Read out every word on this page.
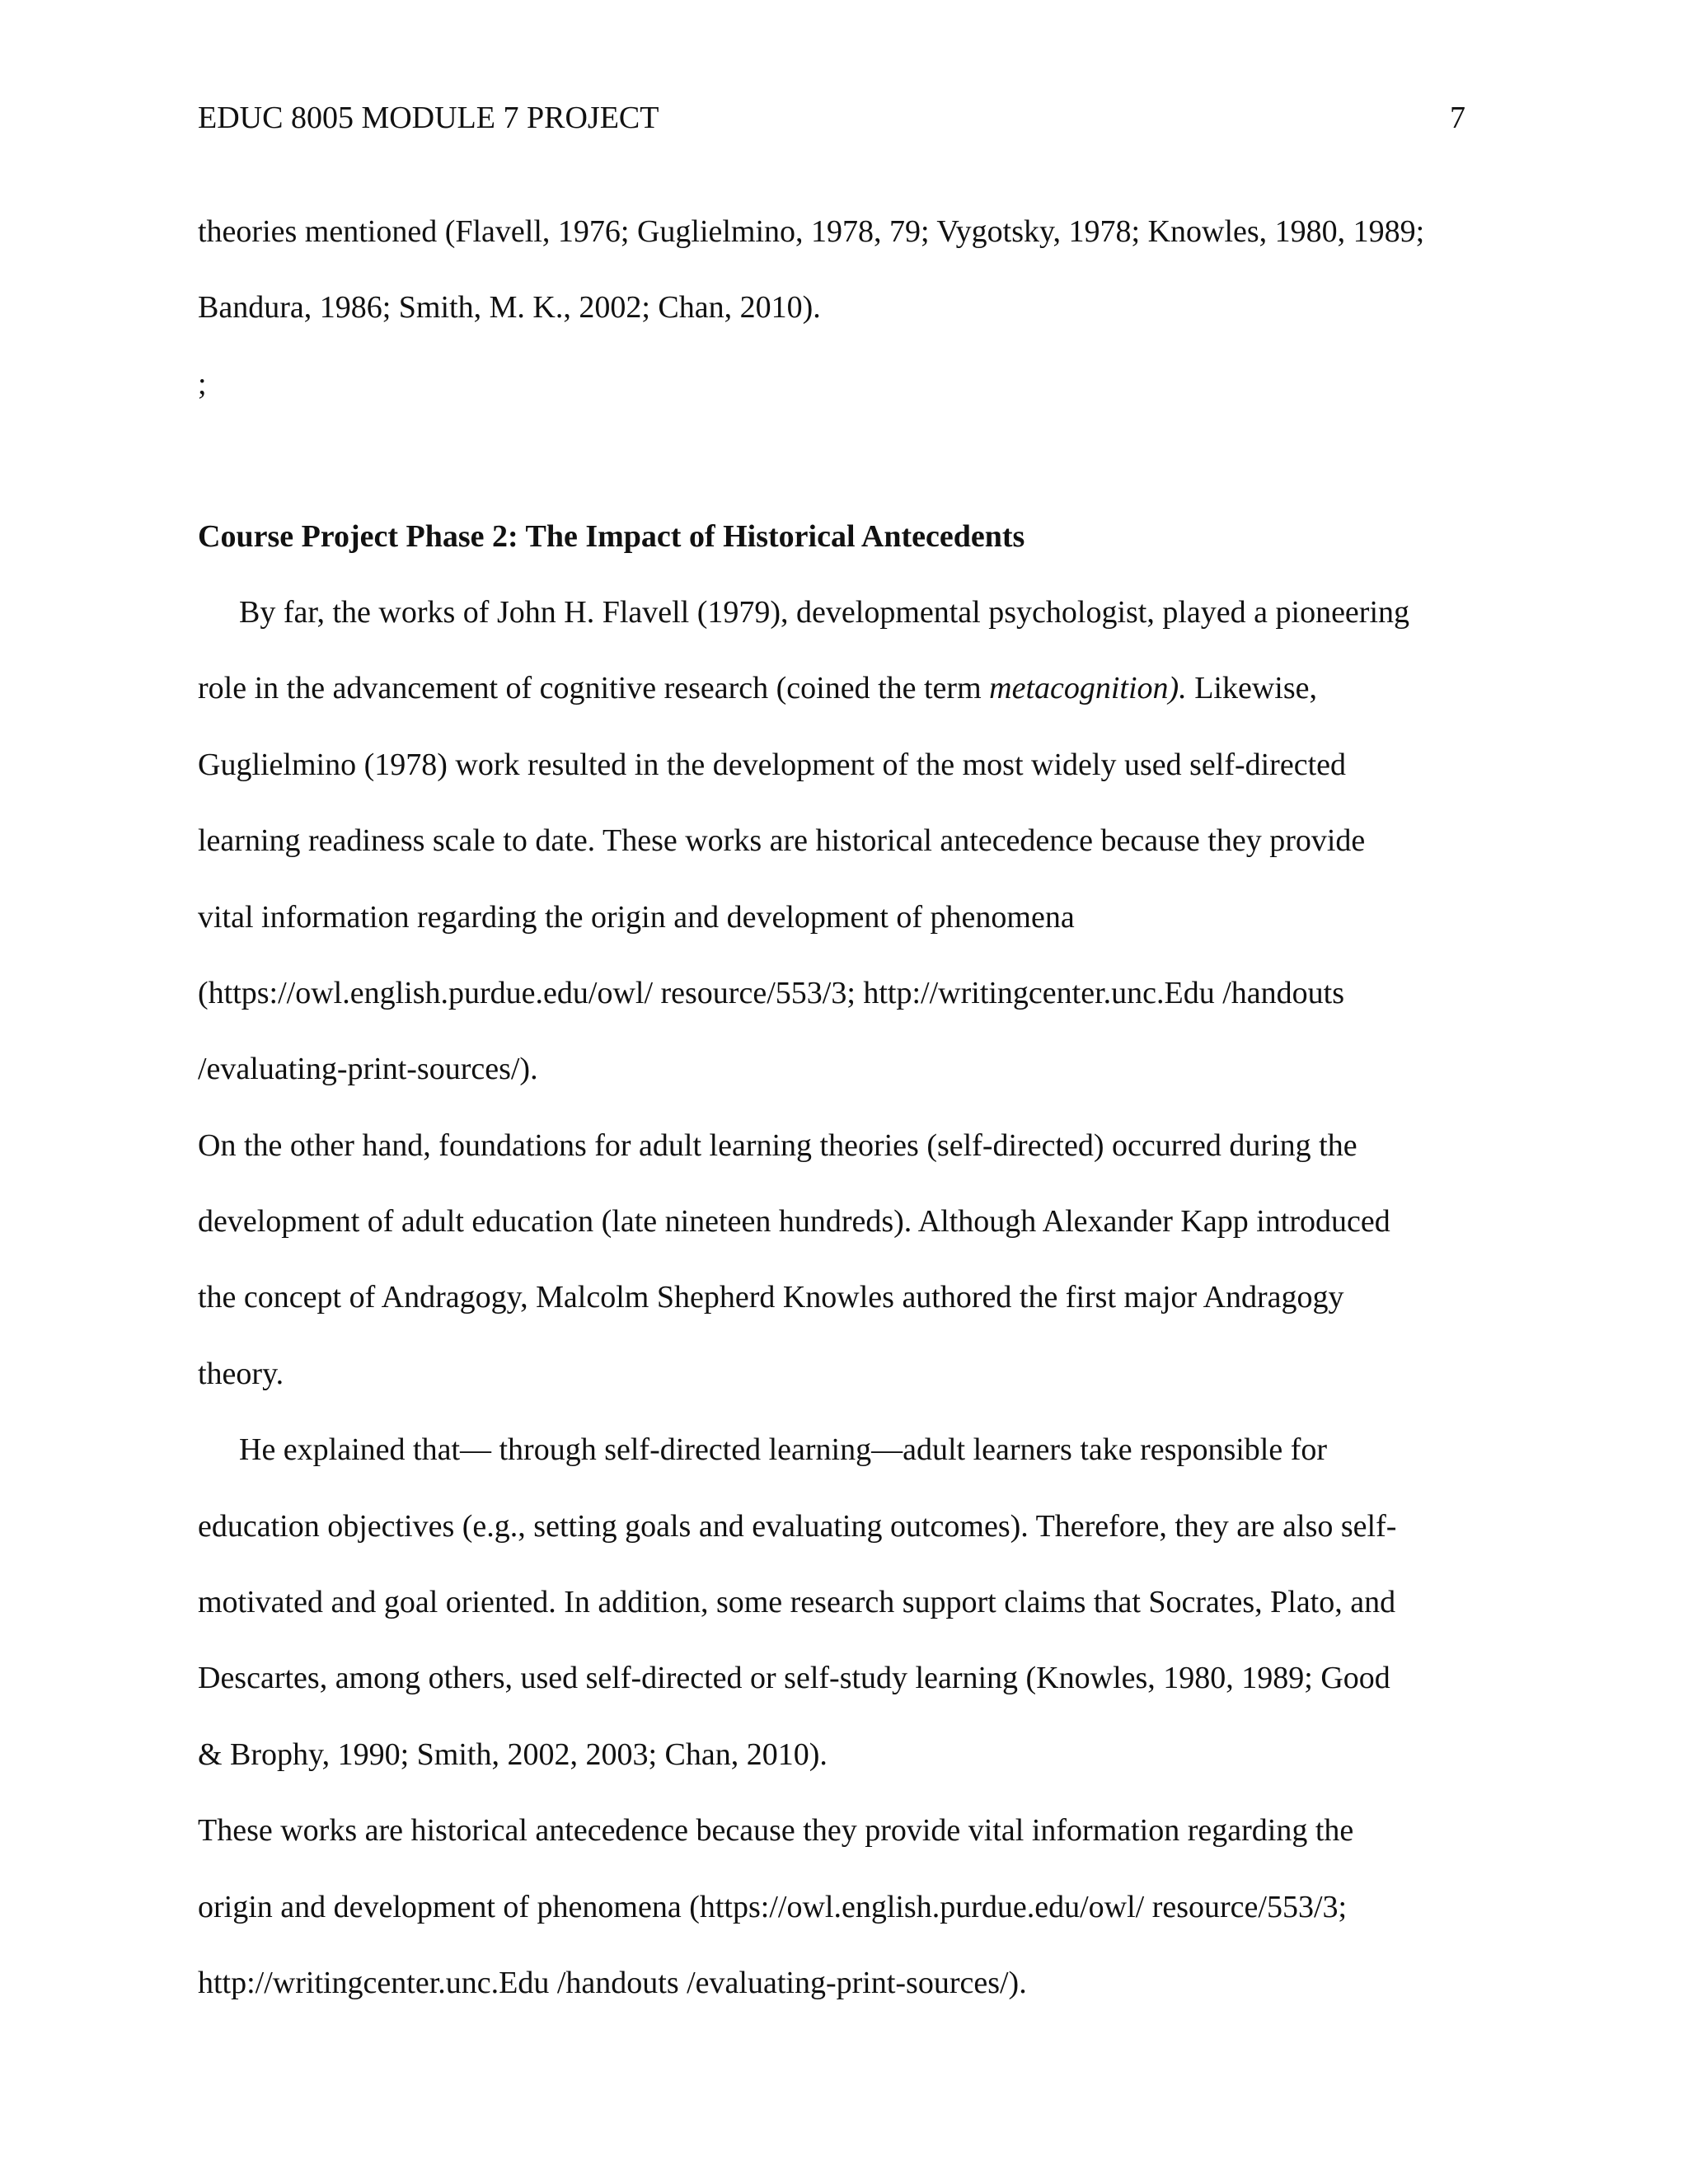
EDUC 8005 MODULE 7 PROJECT	7
theories mentioned (Flavell, 1976; Guglielmino, 1978, 79; Vygotsky, 1978; Knowles, 1980, 1989;
Bandura, 1986; Smith, M. K., 2002; Chan, 2010).
;
Course Project Phase 2: The Impact of Historical Antecedents
By far, the works of John H. Flavell (1979), developmental psychologist, played a pioneering
role in the advancement of cognitive research (coined the term metacognition). Likewise,
Guglielmino (1978) work resulted in the development of the most widely used self-directed
learning readiness scale to date. These works are historical antecedence because they provide
vital information regarding the origin and development of phenomena
(https://owl.english.purdue.edu/owl/ resource/553/3; http://writingcenter.unc.Edu /handouts
/evaluating-print-sources/).
On the other hand, foundations for adult learning theories (self-directed) occurred during the
development of adult education (late nineteen hundreds). Although Alexander Kapp introduced
the concept of Andragogy, Malcolm Shepherd Knowles authored the first major Andragogy
theory.
He explained that— through self-directed learning—adult learners take responsible for
education objectives (e.g., setting goals and evaluating outcomes). Therefore, they are also self-
motivated and goal oriented. In addition, some research support claims that Socrates, Plato, and
Descartes, among others, used self-directed or self-study learning (Knowles, 1980, 1989; Good
& Brophy, 1990; Smith, 2002, 2003; Chan, 2010).
These works are historical antecedence because they provide vital information regarding the
origin and development of phenomena (https://owl.english.purdue.edu/owl/ resource/553/3;
http://writingcenter.unc.Edu /handouts /evaluating-print-sources/).
